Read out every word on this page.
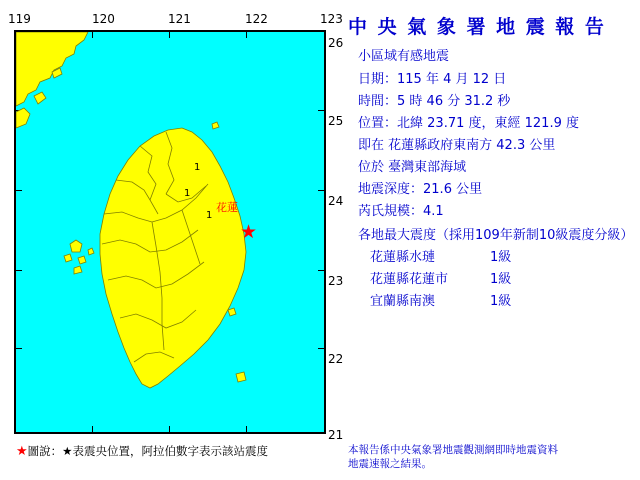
119	120	121	122	123
26
25
24
23
22
21
★
花蓮
1
1
1
★圖說：★表震央位置，阿拉伯數字表示該站震度
中 央 氣 象 署 地 震 報 告
小區域有感地震
日期：115 年 4 月 12 日
時間：5 時 46 分 31.2 秒
位置：北緯 23.71 度，東經 121.9 度
即在 花蓮縣政府東南方 42.3 公里
位於 臺灣東部海域
地震深度：21.6 公里
芮氏規模：4.1
各地最大震度（採用109年新制10級震度分級）
花蓮縣水璉	1級
花蓮縣花蓮市	1級
宜蘭縣南澳	1級
本報告係中央氣象署地震觀測網即時地震資料
地震速報之結果。
